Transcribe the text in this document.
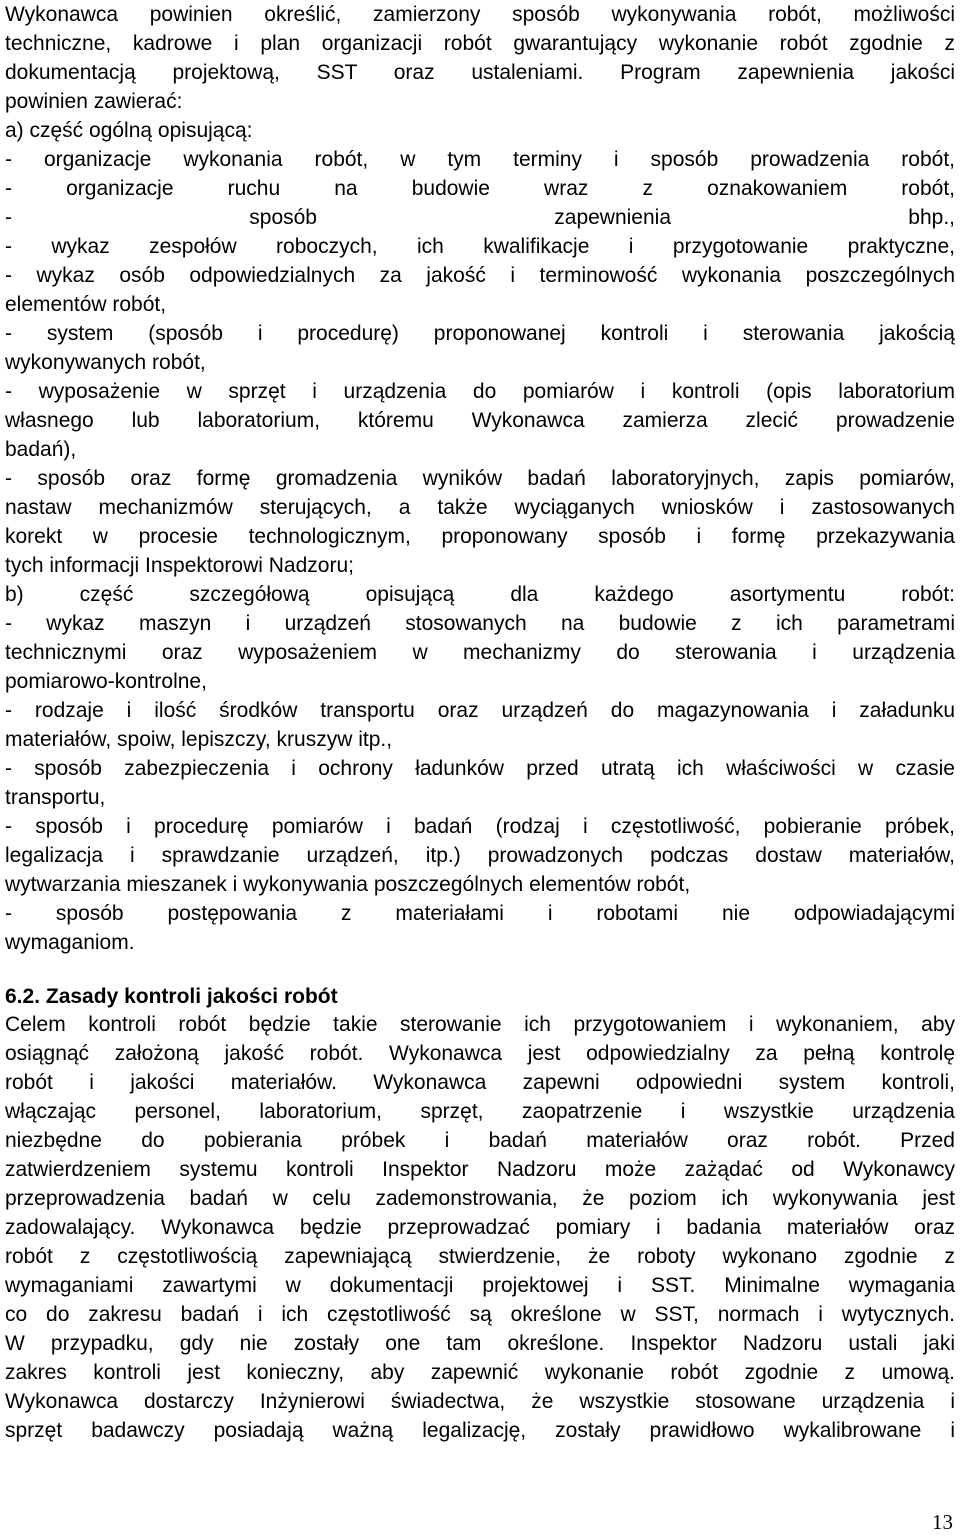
Wykonawca powinien określić, zamierzony sposób wykonywania robót, możliwości
techniczne, kadrowe i plan organizacji robót gwarantujący wykonanie robót zgodnie z
dokumentacją projektową, SST oraz ustaleniami. Program zapewnienia jakości
powinien zawierać:
a) część ogólną opisującą:
- organizacje wykonania robót, w tym terminy i sposób prowadzenia robót,
- organizacje ruchu na budowie wraz z oznakowaniem robót,
- sposób zapewnienia bhp.,
- wykaz zespołów roboczych, ich kwalifikacje i przygotowanie praktyczne,
- wykaz osób odpowiedzialnych za jakość i terminowość wykonania poszczególnych
elementów robót,
- system (sposób i procedurę) proponowanej kontroli i sterowania jakością
wykonywanych robót,
- wyposażenie w sprzęt i urządzenia do pomiarów i kontroli (opis laboratorium
własnego lub laboratorium, któremu Wykonawca zamierza zlecić prowadzenie
badań),
- sposób oraz formę gromadzenia wyników badań laboratoryjnych, zapis pomiarów,
nastaw mechanizmów sterujących, a także wyciąganych wniosków i zastosowanych
korekt w procesie technologicznym, proponowany sposób i formę przekazywania
tych informacji Inspektorowi Nadzoru;
b) część szczegółową opisującą dla każdego asortymentu robót:
- wykaz maszyn i urządzeń stosowanych na budowie z ich parametrami
technicznymi oraz wyposażeniem w mechanizmy do sterowania i urządzenia
pomiarowo-kontrolne,
- rodzaje i ilość środków transportu oraz urządzeń do magazynowania i załadunku
materiałów, spoiw, lepiszczy, kruszyw itp.,
- sposób zabezpieczenia i ochrony ładunków przed utratą ich właściwości w czasie
transportu,
- sposób i procedurę pomiarów i badań (rodzaj i częstotliwość, pobieranie próbek,
legalizacja i sprawdzanie urządzeń, itp.) prowadzonych podczas dostaw materiałów,
wytwarzania mieszanek i wykonywania poszczególnych elementów robót,
- sposób postępowania z materiałami i robotami nie odpowiadającymi
wymaganiom.
6.2. Zasady kontroli jakości robót
Celem kontroli robót będzie takie sterowanie ich przygotowaniem i wykonaniem, aby
osiągnąć założoną jakość robót. Wykonawca jest odpowiedzialny za pełną kontrolę
robót i jakości materiałów. Wykonawca zapewni odpowiedni system kontroli,
włączając personel, laboratorium, sprzęt, zaopatrzenie i wszystkie urządzenia
niezbędne do pobierania próbek i badań materiałów oraz robót. Przed
zatwierdzeniem systemu kontroli Inspektor Nadzoru może zażądać od Wykonawcy
przeprowadzenia badań w celu zademonstrowania, że poziom ich wykonywania jest
zadowalający. Wykonawca będzie przeprowadzać pomiary i badania materiałów oraz
robót z częstotliwością zapewniającą stwierdzenie, że roboty wykonano zgodnie z
wymaganiami zawartymi w dokumentacji projektowej i SST. Minimalne wymagania
co do zakresu badań i ich częstotliwość są określone w SST, normach i wytycznych.
W przypadku, gdy nie zostały one tam określone. Inspektor Nadzoru ustali jaki
zakres kontroli jest konieczny, aby zapewnić wykonanie robót zgodnie z umową.
Wykonawca dostarczy Inżynierowi świadectwa, że wszystkie stosowane urządzenia i
sprzęt badawczy posiadają ważną legalizację, zostały prawidłowo wykalibrowane i
13
